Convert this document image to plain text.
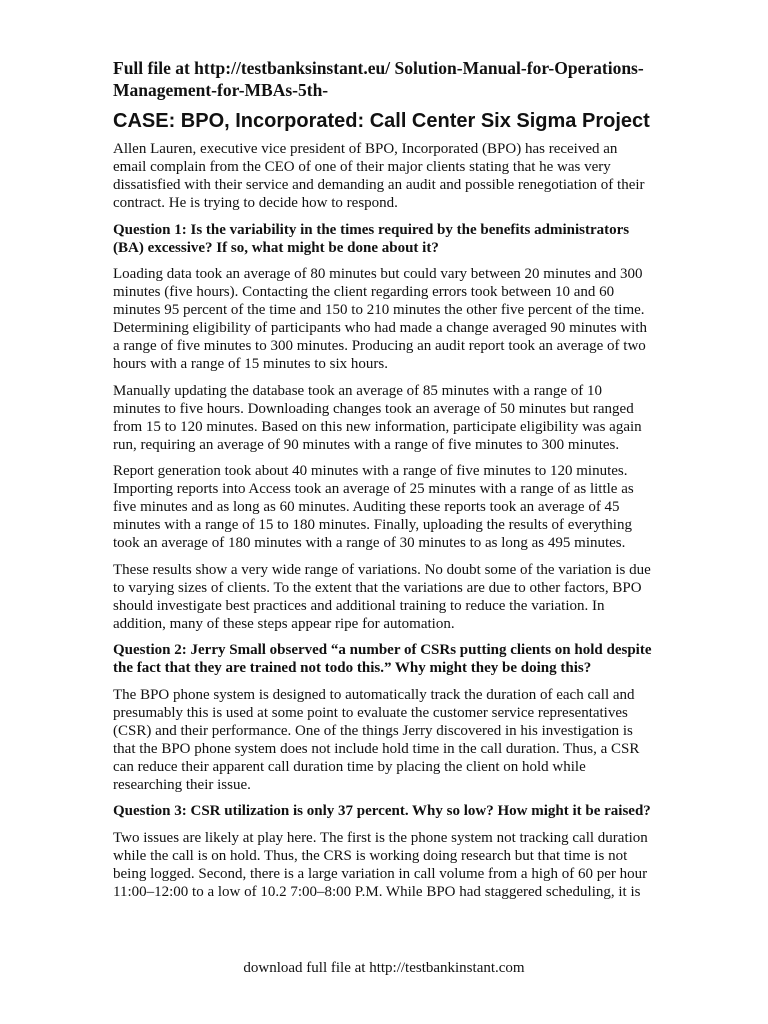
Full file at http://testbanksinstant.eu/ Solution-Manual-for-Operations-
Management-for-MBAs-5th-
CASE: BPO, Incorporated: Call Center Six Sigma Project

Allen Lauren, executive vice president of BPO, Incorporated (BPO) has received an
email complain from the CEO of one of their major clients stating that he was very
dissatisfied with their service and demanding an audit and possible renegotiation of their
contract. He is trying to decide how to respond.

Question 1: Is the variability in the times required by the benefits administrators
(BA) excessive? If so, what might be done about it?

Loading data took an average of 80 minutes but could vary between 20 minutes and 300
minutes (five hours). Contacting the client regarding errors took between 10 and 60
minutes 95 percent of the time and 150 to 210 minutes the other five percent of the time.
Determining eligibility of participants who had made a change averaged 90 minutes with
a range of five minutes to 300 minutes. Producing an audit report took an average of two
hours with a range of 15 minutes to six hours.

Manually updating the database took an average of 85 minutes with a range of 10
minutes to five hours. Downloading changes took an average of 50 minutes but ranged
from 15 to 120 minutes. Based on this new information, participate eligibility was again
run, requiring an average of 90 minutes with a range of five minutes to 300 minutes.

Report generation took about 40 minutes with a range of five minutes to 120 minutes.
Importing reports into Access took an average of 25 minutes with a range of as little as
five minutes and as long as 60 minutes. Auditing these reports took an average of 45
minutes with a range of 15 to 180 minutes. Finally, uploading the results of everything
took an average of 180 minutes with a range of 30 minutes to as long as 495 minutes.

These results show a very wide range of variations. No doubt some of the variation is due
to varying sizes of clients. To the extent that the variations are due to other factors, BPO
should investigate best practices and additional training to reduce the variation. In
addition, many of these steps appear ripe for automation.

Question 2: Jerry Small observed “a number of CSRs putting clients on hold despite
the fact that they are trained not todo this.” Why might they be doing this?

The BPO phone system is designed to automatically track the duration of each call and
presumably this is used at some point to evaluate the customer service representatives
(CSR) and their performance. One of the things Jerry discovered in his investigation is
that the BPO phone system does not include hold time in the call duration. Thus, a CSR
can reduce their apparent call duration time by placing the client on hold while
researching their issue.

Question 3: CSR utilization is only 37 percent. Why so low? How might it be raised?

Two issues are likely at play here. The first is the phone system not tracking call duration
while the call is on hold. Thus, the CRS is working doing research but that time is not
being logged. Second, there is a large variation in call volume from a high of 60 per hour
11:00–12:00 to a low of 10.2 7:00–8:00 P.M. While BPO had staggered scheduling, it is

download full file at http://testbankinstant.com
